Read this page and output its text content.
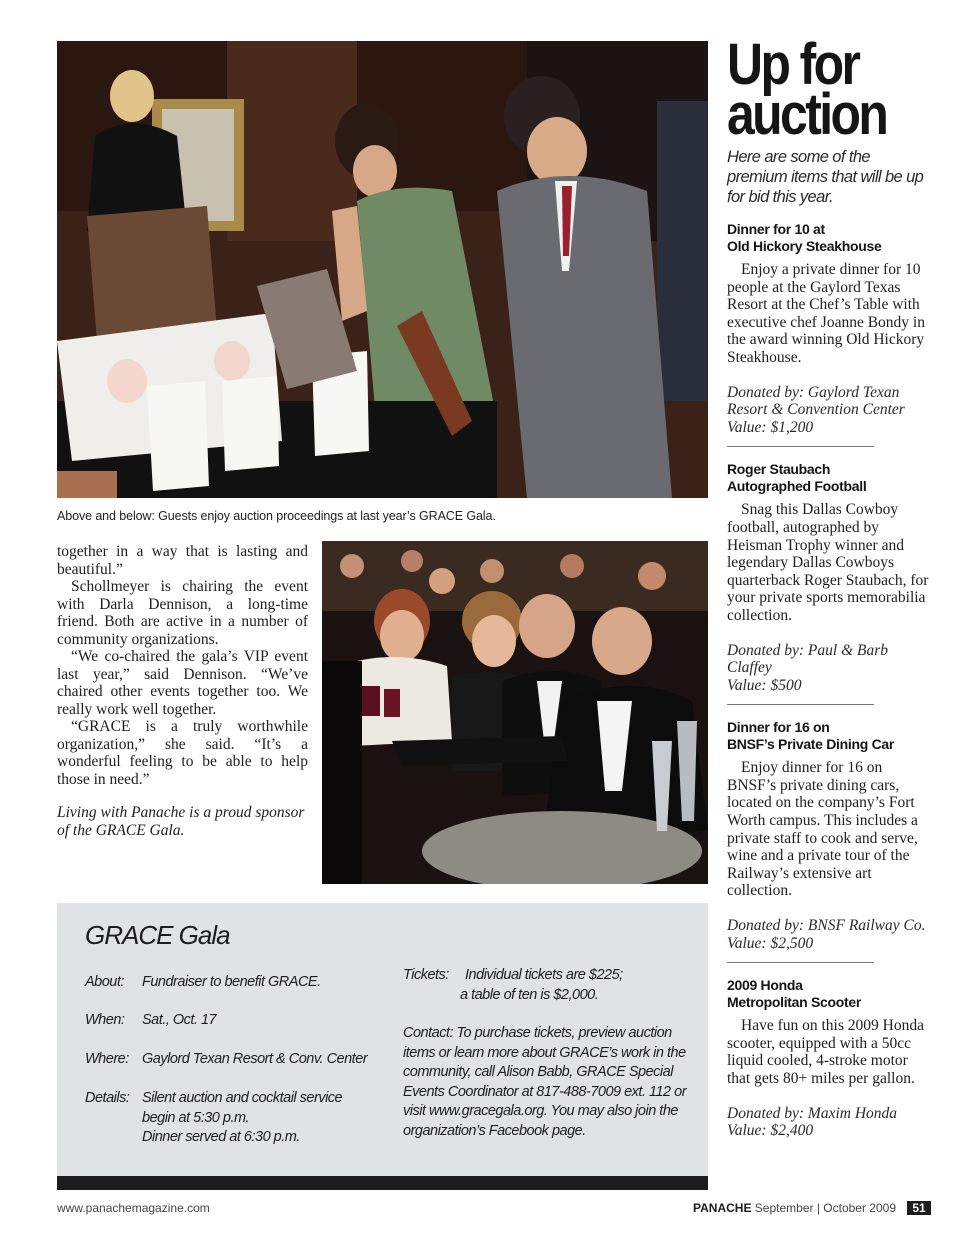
Above and below: Guests enjoy auction proceedings at last year’s GRACE Gala.

together in a way that is lasting and beautiful.”

Schollmeyer is chairing the event with Darla Dennison, a long-time friend. Both are active in a number of community organizations.

“We co-chaired the gala’s VIP event last year,” said Dennison. “We’ve chaired other events together too. We really work well together.

“GRACE is a truly worthwhile organization,” she said. “It’s a wonderful feeling to be able to help those in need.”

Living with Panache is a proud sponsor of the GRACE Gala.

Up for
auction
Here are some of the premium items that will be up for bid this year.
Dinner for 10 at
Old Hickory Steakhouse
Enjoy a private dinner for 10 people at the Gaylord Texas Resort at the Chef’s Table with executive chef Joanne Bondy in the award winning Old Hickory Steakhouse.
Donated by: Gaylord Texan Resort & Convention Center
Value: $1,200
Roger Staubach
Autographed Football
Snag this Dallas Cowboy football, autographed by Heisman Trophy winner and legendary Dallas Cowboys quarterback Roger Staubach, for your private sports memorabilia collection.
Donated by: Paul & Barb Claffey
Value: $500
Dinner for 16 on
BNSF’s Private Dining Car
Enjoy dinner for 16 on BNSF’s private dining cars, located on the company’s Fort Worth campus. This includes a private staff to cook and serve, wine and a private tour of the Railway’s extensive art collection.
Donated by: BNSF Railway Co.
Value: $2,500
2009 Honda
Metropolitan Scooter
Have fun on this 2009 Honda scooter, equipped with a 50cc liquid cooled, 4-stroke motor that gets 80+ miles per gallon.
Donated by: Maxim Honda
Value: $2,400
GRACE Gala
About: Fundraiser to benefit GRACE.
When: Sat., Oct. 17
Where: Gaylord Texan Resort & Conv. Center
Details: Silent auction and cocktail service
begin at 5:30 p.m.
Dinner served at 6:30 p.m.
Tickets: Individual tickets are $225;

a table of ten is $2,000.
Contact: To purchase tickets, preview auction items or learn more about GRACE’s work in the community, call Alison Babb, GRACE Special Events Coordinator at 817-488-7009 ext. 112 or visit www.gracegala.org. You may also join the organization’s Facebook page.
www.panachemagazine.com	PANACHE September | October 2009 51
